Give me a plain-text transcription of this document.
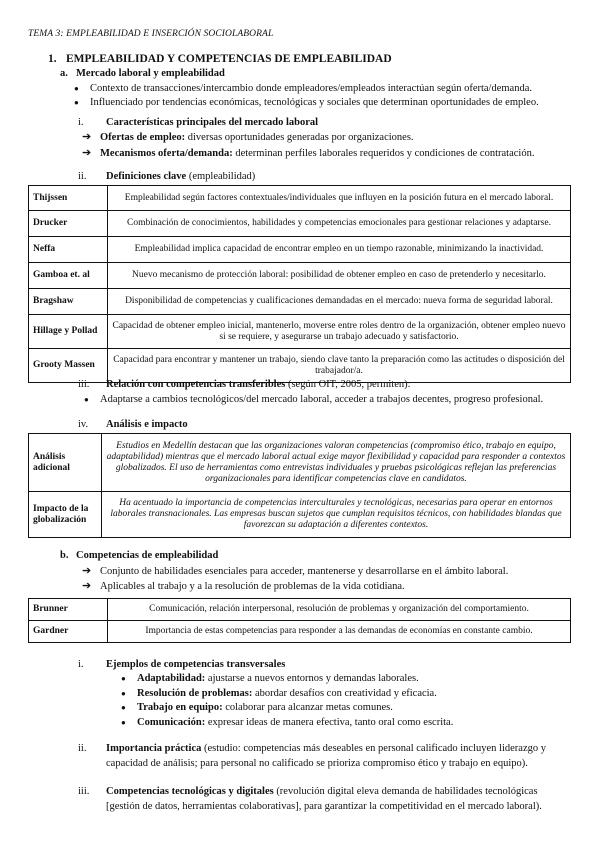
TEMA 3: EMPLEABILIDAD E INSERCIÓN SOCIOLABORAL
1. EMPLEABILIDAD Y COMPETENCIAS DE EMPLEABILIDAD
a. Mercado laboral y empleabilidad
● Contexto de transacciones/intercambio donde empleadores/empleados interactúan según oferta/demanda.
● Influenciado por tendencias económicas, tecnológicas y sociales que determinan oportunidades de empleo.
i. Características principales del mercado laboral
➔ Ofertas de empleo: diversas oportunidades generadas por organizaciones.
➔ Mecanismos oferta/demanda: determinan perfiles laborales requeridos y condiciones de contratación.
ii. Definiciones clave (empleabilidad)
Thijssen	Empleabilidad según factores contextuales/individuales que influyen en la posición futura en el mercado laboral.
Drucker	Combinación de conocimientos, habilidades y competencias emocionales para gestionar relaciones y adaptarse.
Neffa	Empleabilidad implica capacidad de encontrar empleo en un tiempo razonable, minimizando la inactividad.
Gamboa et. al	Nuevo mecanismo de protección laboral: posibilidad de obtener empleo en caso de pretenderlo y necesitarlo.
Bragshaw	Disponibilidad de competencias y cualificaciones demandadas en el mercado: nueva forma de seguridad laboral.
Hillage y Pollad	Capacidad de obtener empleo inicial, mantenerlo, moverse entre roles dentro de la organización, obtener empleo nuevo si se requiere, y asegurarse un trabajo adecuado y satisfactorio.
Grooty Massen	Capacidad para encontrar y mantener un trabajo, siendo clave tanto la preparación como las actitudes o disposición del trabajador/a.
iii. Relación con competencias transferibles (según OIT, 2005, permiten):
● Adaptarse a cambios tecnológicos/del mercado laboral, acceder a trabajos decentes, progreso profesional.
iv. Análisis e impacto
Análisis adicional	Estudios en Medellín destacan que las organizaciones valoran competencias (compromiso ético, trabajo en equipo, adaptabilidad) mientras que el mercado laboral actual exige mayor flexibilidad y capacidad para responder a contextos globalizados. El uso de herramientas como entrevistas individuales y pruebas psicológicas reflejan las preferencias organizacionales para identificar competencias clave en candidatos.
Impacto de la globalización	Ha acentuado la importancia de competencias interculturales y tecnológicas, necesarias para operar en entornos laborales transnacionales. Las empresas buscan sujetos que cumplan requisitos técnicos, con habilidades blandas que favorezcan su adaptación a diferentes contextos.
b. Competencias de empleabilidad
➔ Conjunto de habilidades esenciales para acceder, mantenerse y desarrollarse en el ámbito laboral.
➔ Aplicables al trabajo y a la resolución de problemas de la vida cotidiana.
Brunner	Comunicación, relación interpersonal, resolución de problemas y organización del comportamiento.
Gardner	Importancia de estas competencias para responder a las demandas de economías en constante cambio.
i. Ejemplos de competencias transversales
● Adaptabilidad: ajustarse a nuevos entornos y demandas laborales.
● Resolución de problemas: abordar desafíos con creatividad y eficacia.
● Trabajo en equipo: colaborar para alcanzar metas comunes.
● Comunicación: expresar ideas de manera efectiva, tanto oral como escrita.
ii. Importancia práctica (estudio: competencias más deseables en personal calificado incluyen liderazgo y
capacidad de análisis; para personal no calificado se prioriza compromiso ético y trabajo en equipo).
iii. Competencias tecnológicas y digitales (revolución digital eleva demanda de habilidades tecnológicas
[gestión de datos, herramientas colaborativas], para garantizar la competitividad en el mercado laboral).
